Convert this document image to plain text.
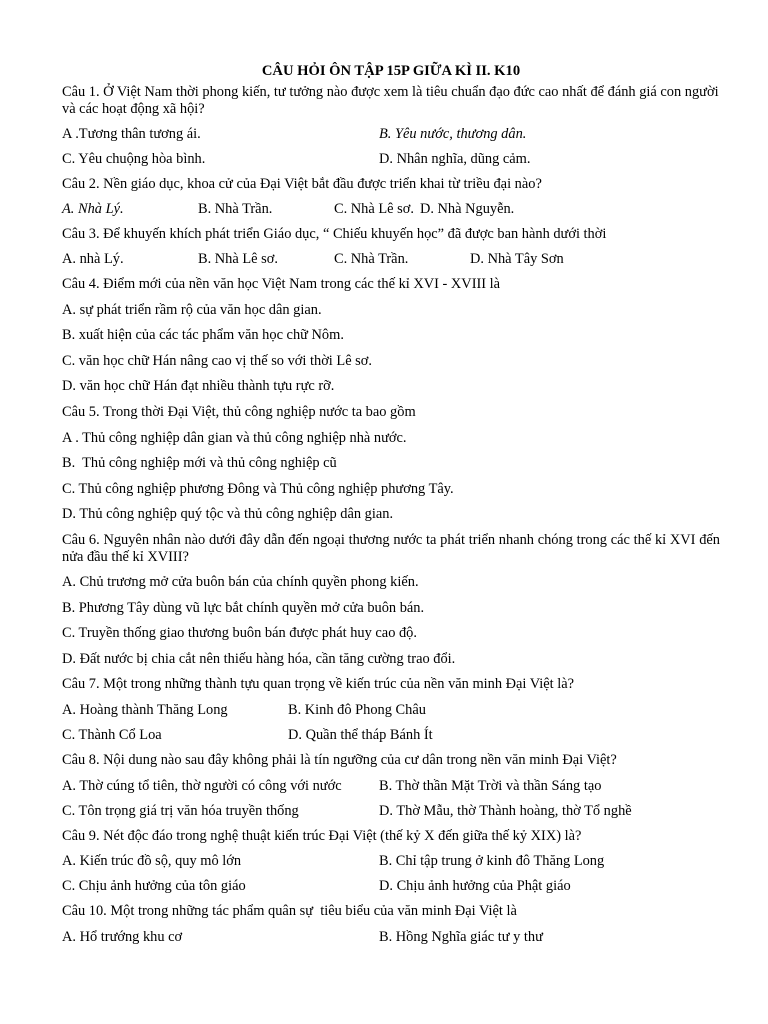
CÂU HỎI ÔN TẬP 15P GIỮA KÌ II. K10
Câu 1. Ở Việt Nam thời phong kiến, tư tưởng nào được xem là tiêu chuẩn đạo đức cao nhất để đánh giá con người và các hoạt động xã hội?
A .Tương thân tương ái.	B. Yêu nước, thương dân.
C. Yêu chuộng hòa bình.	D. Nhân nghĩa, dũng cảm.
Câu 2. Nền giáo dục, khoa cử của Đại Việt bắt đầu được triển khai từ triều đại nào?
A. Nhà Lý.	B. Nhà Trần.	C. Nhà Lê sơ. D. Nhà Nguyễn.
Câu 3. Để khuyến khích phát triển Giáo dục, “ Chiếu khuyến học” đã được ban hành dưới thời
A. nhà Lý.	B. Nhà Lê sơ.	C. Nhà Trần.	D. Nhà Tây Sơn
Câu 4. Điểm mới của nền văn học Việt Nam trong các thế kỉ XVI - XVIII là
A. sự phát triển rầm rộ của văn học dân gian.
B. xuất hiện của các tác phẩm văn học chữ Nôm.
C. văn học chữ Hán nâng cao vị thế so với thời Lê sơ.
D. văn học chữ Hán đạt nhiều thành tựu rực rỡ.
Câu 5. Trong thời Đại Việt, thủ công nghiệp nước ta bao gồm
A . Thủ công nghiệp dân gian và thủ công nghiệp nhà nước.
B.  Thủ công nghiệp mới và thủ công nghiệp cũ
C. Thủ công nghiệp phương Đông và Thủ công nghiệp phương Tây.
D. Thủ công nghiệp quý tộc và thủ công nghiệp dân gian.
Câu 6. Nguyên nhân nào dưới đây dẫn đến ngoại thương nước ta phát triển nhanh chóng trong các thế kỉ XVI đến nửa đầu thế kỉ XVIII?
A. Chủ trương mở cửa buôn bán của chính quyền phong kiến.
B. Phương Tây dùng vũ lực bắt chính quyền mở cửa buôn bán.
C. Truyền thống giao thương buôn bán được phát huy cao độ.
D. Đất nước bị chia cắt nên thiếu hàng hóa, cần tăng cường trao đổi.
Câu 7. Một trong những thành tựu quan trọng về kiến trúc của nền văn minh Đại Việt là?
A. Hoàng thành Thăng Long	B. Kinh đô Phong Châu
C. Thành Cổ Loa	D. Quần thể tháp Bánh Ít
Câu 8. Nội dung nào sau đây không phải là tín ngưỡng của cư dân trong nền văn minh Đại Việt?
A. Thờ cúng tổ tiên, thờ người có công với nước	B. Thờ thần Mặt Trời và thần Sáng tạo
C. Tôn trọng giá trị văn hóa truyền thống	D. Thờ Mẫu, thờ Thành hoàng, thờ Tổ nghề
Câu 9. Nét độc đáo trong nghệ thuật kiến trúc Đại Việt (thế kỷ X đến giữa thế kỷ XIX) là?
A. Kiến trúc đồ sộ, quy mô lớn	B. Chỉ tập trung ở kinh đô Thăng Long
C. Chịu ảnh hưởng của tôn giáo	D. Chịu ảnh hưởng của Phật giáo
Câu 10. Một trong những tác phẩm quân sự  tiêu biểu của văn minh Đại Việt là
A. Hổ trướng khu cơ	B. Hồng Nghĩa giác tư y thư
